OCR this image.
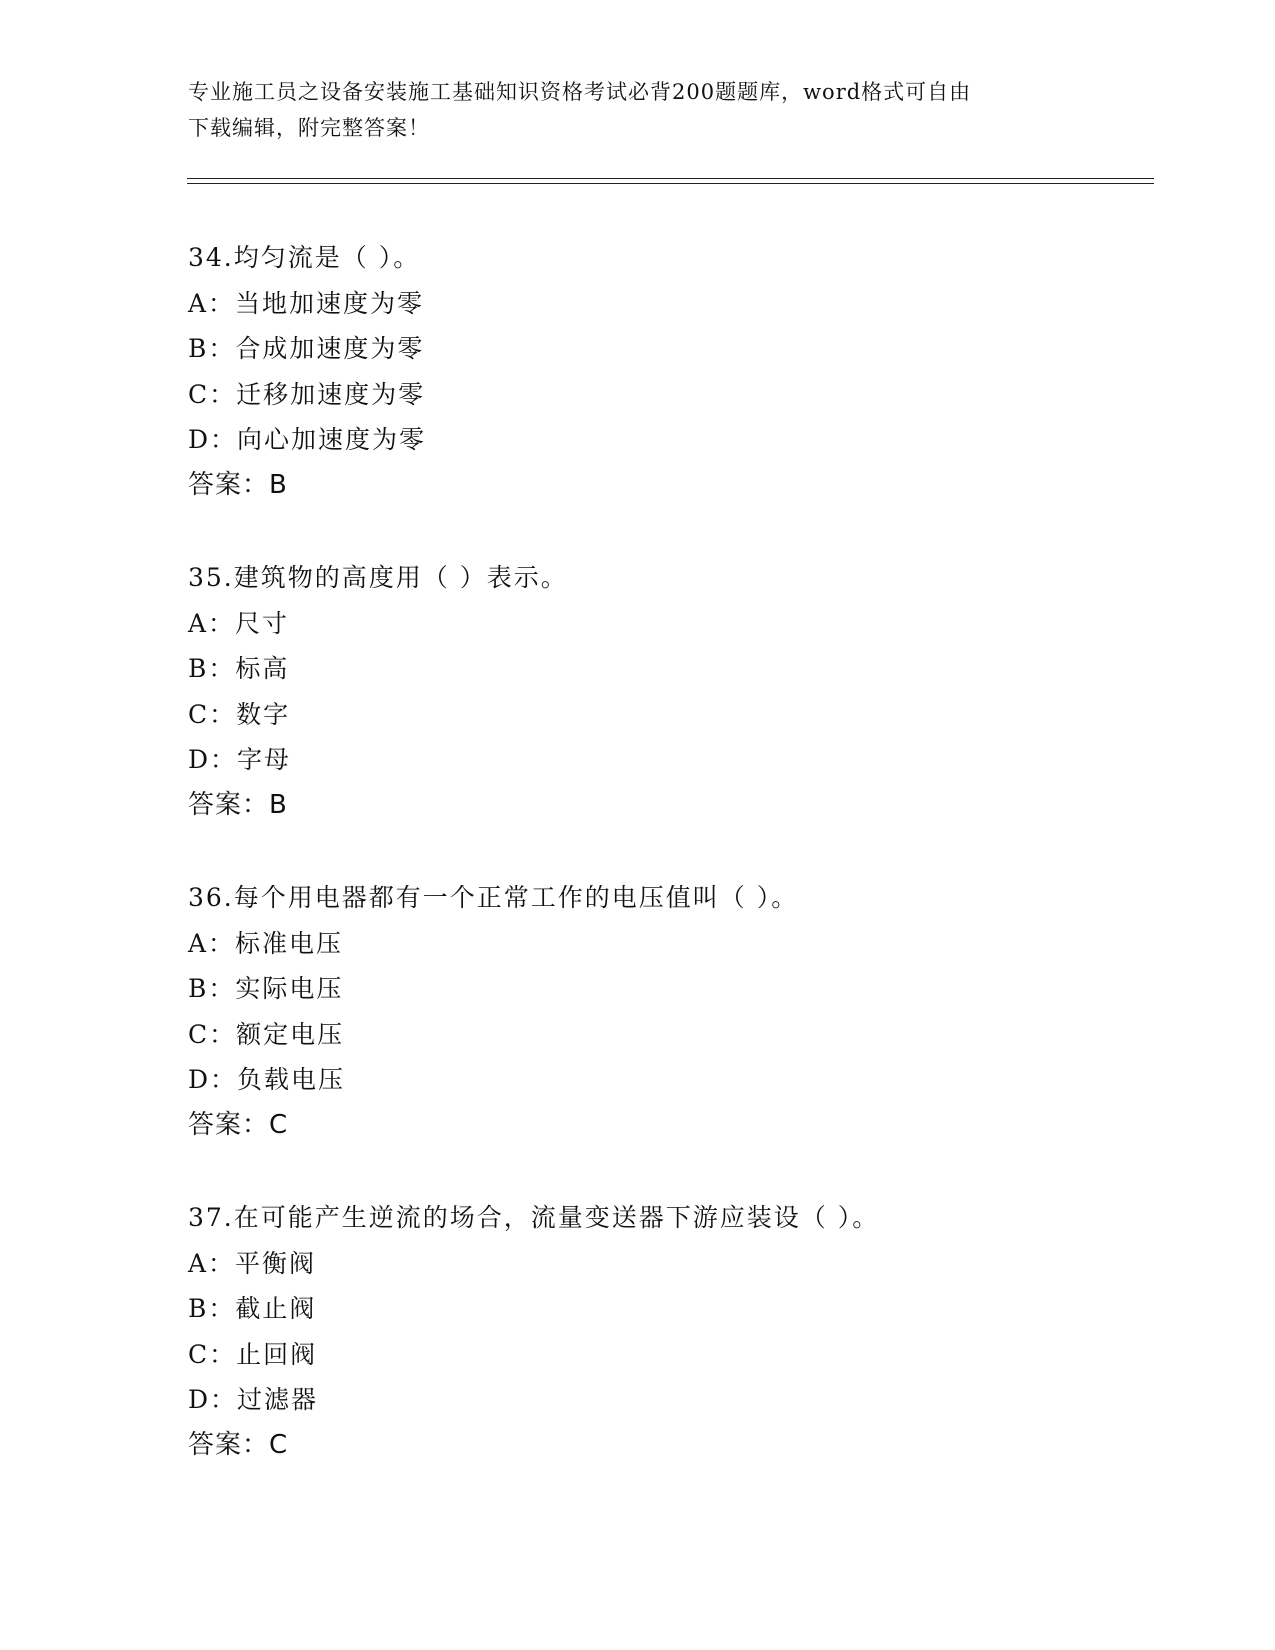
专业施工员之设备安装施工基础知识资格考试必背200题题库，word格式可自由
下载编辑，附完整答案！
34.均匀流是（ ）。
A：当地加速度为零
B：合成加速度为零
C：迁移加速度为零
D：向心加速度为零
答案：B
35.建筑物的高度用（ ）表示。
A：尺寸
B：标高
C：数字
D：字母
答案：B
36.每个用电器都有一个正常工作的电压值叫（ ）。
A：标准电压
B：实际电压
C：额定电压
D：负载电压
答案：C
37.在可能产生逆流的场合，流量变送器下游应装设（ ）。
A：平衡阀
B：截止阀
C：止回阀
D：过滤器
答案：C
